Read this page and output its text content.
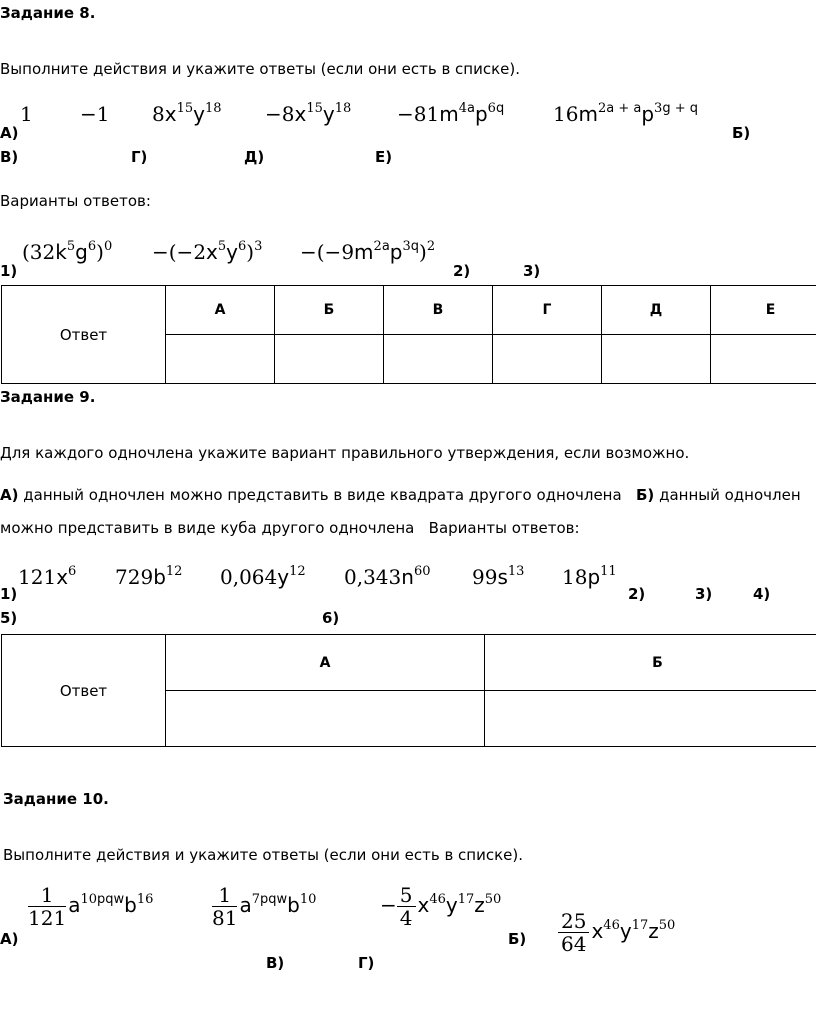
Задание 8.
Выполните действия и укажите ответы (если они есть в списке).
1 −1 $8x^{15}y^{18} -8x^{15}y^{18} -81m^{4a}p^{6q}$ $16m^{2a + a}p^{3g + q}$
А)	Б)
В)	Г)	Д)	Е)
Варианты ответов:
$(32k^5g^6)^0 -(-2x^5y^6)^3 -(-9m^{2a}p^{3q})^2$
1)	2)	3)
Ответ	А	Б	В	Г	Д	Е

Задание 9.
Для каждого одночлена укажите вариант правильного утверждения, если возможно.
А) данный одночлен можно представить в виде квадрата другого одночлена Б) данный одночлен
можно представить в виде куба другого одночлена   Варианты ответов:
$121x^6$ $729b^{12}$ $0,064y^{12}$ $0,343n^{60}$ $99s^{13}$ $18p^{11}$
1)	2)	3)	4)
5)	6)
Ответ	А	Б

Задание 10.
Выполните действия и укажите ответы (если они есть в списке).
$\frac{1}{121} a^{10pqw}b^{16}$	$\frac{1}{81} a^{7pqw}b^{10}$	− $\frac{5}{4} x^{46}y^{17}z^{50}$
$\frac{25}{64} x^{46}y^{17}z^{50}$
А)	Б)
В)	Г)
